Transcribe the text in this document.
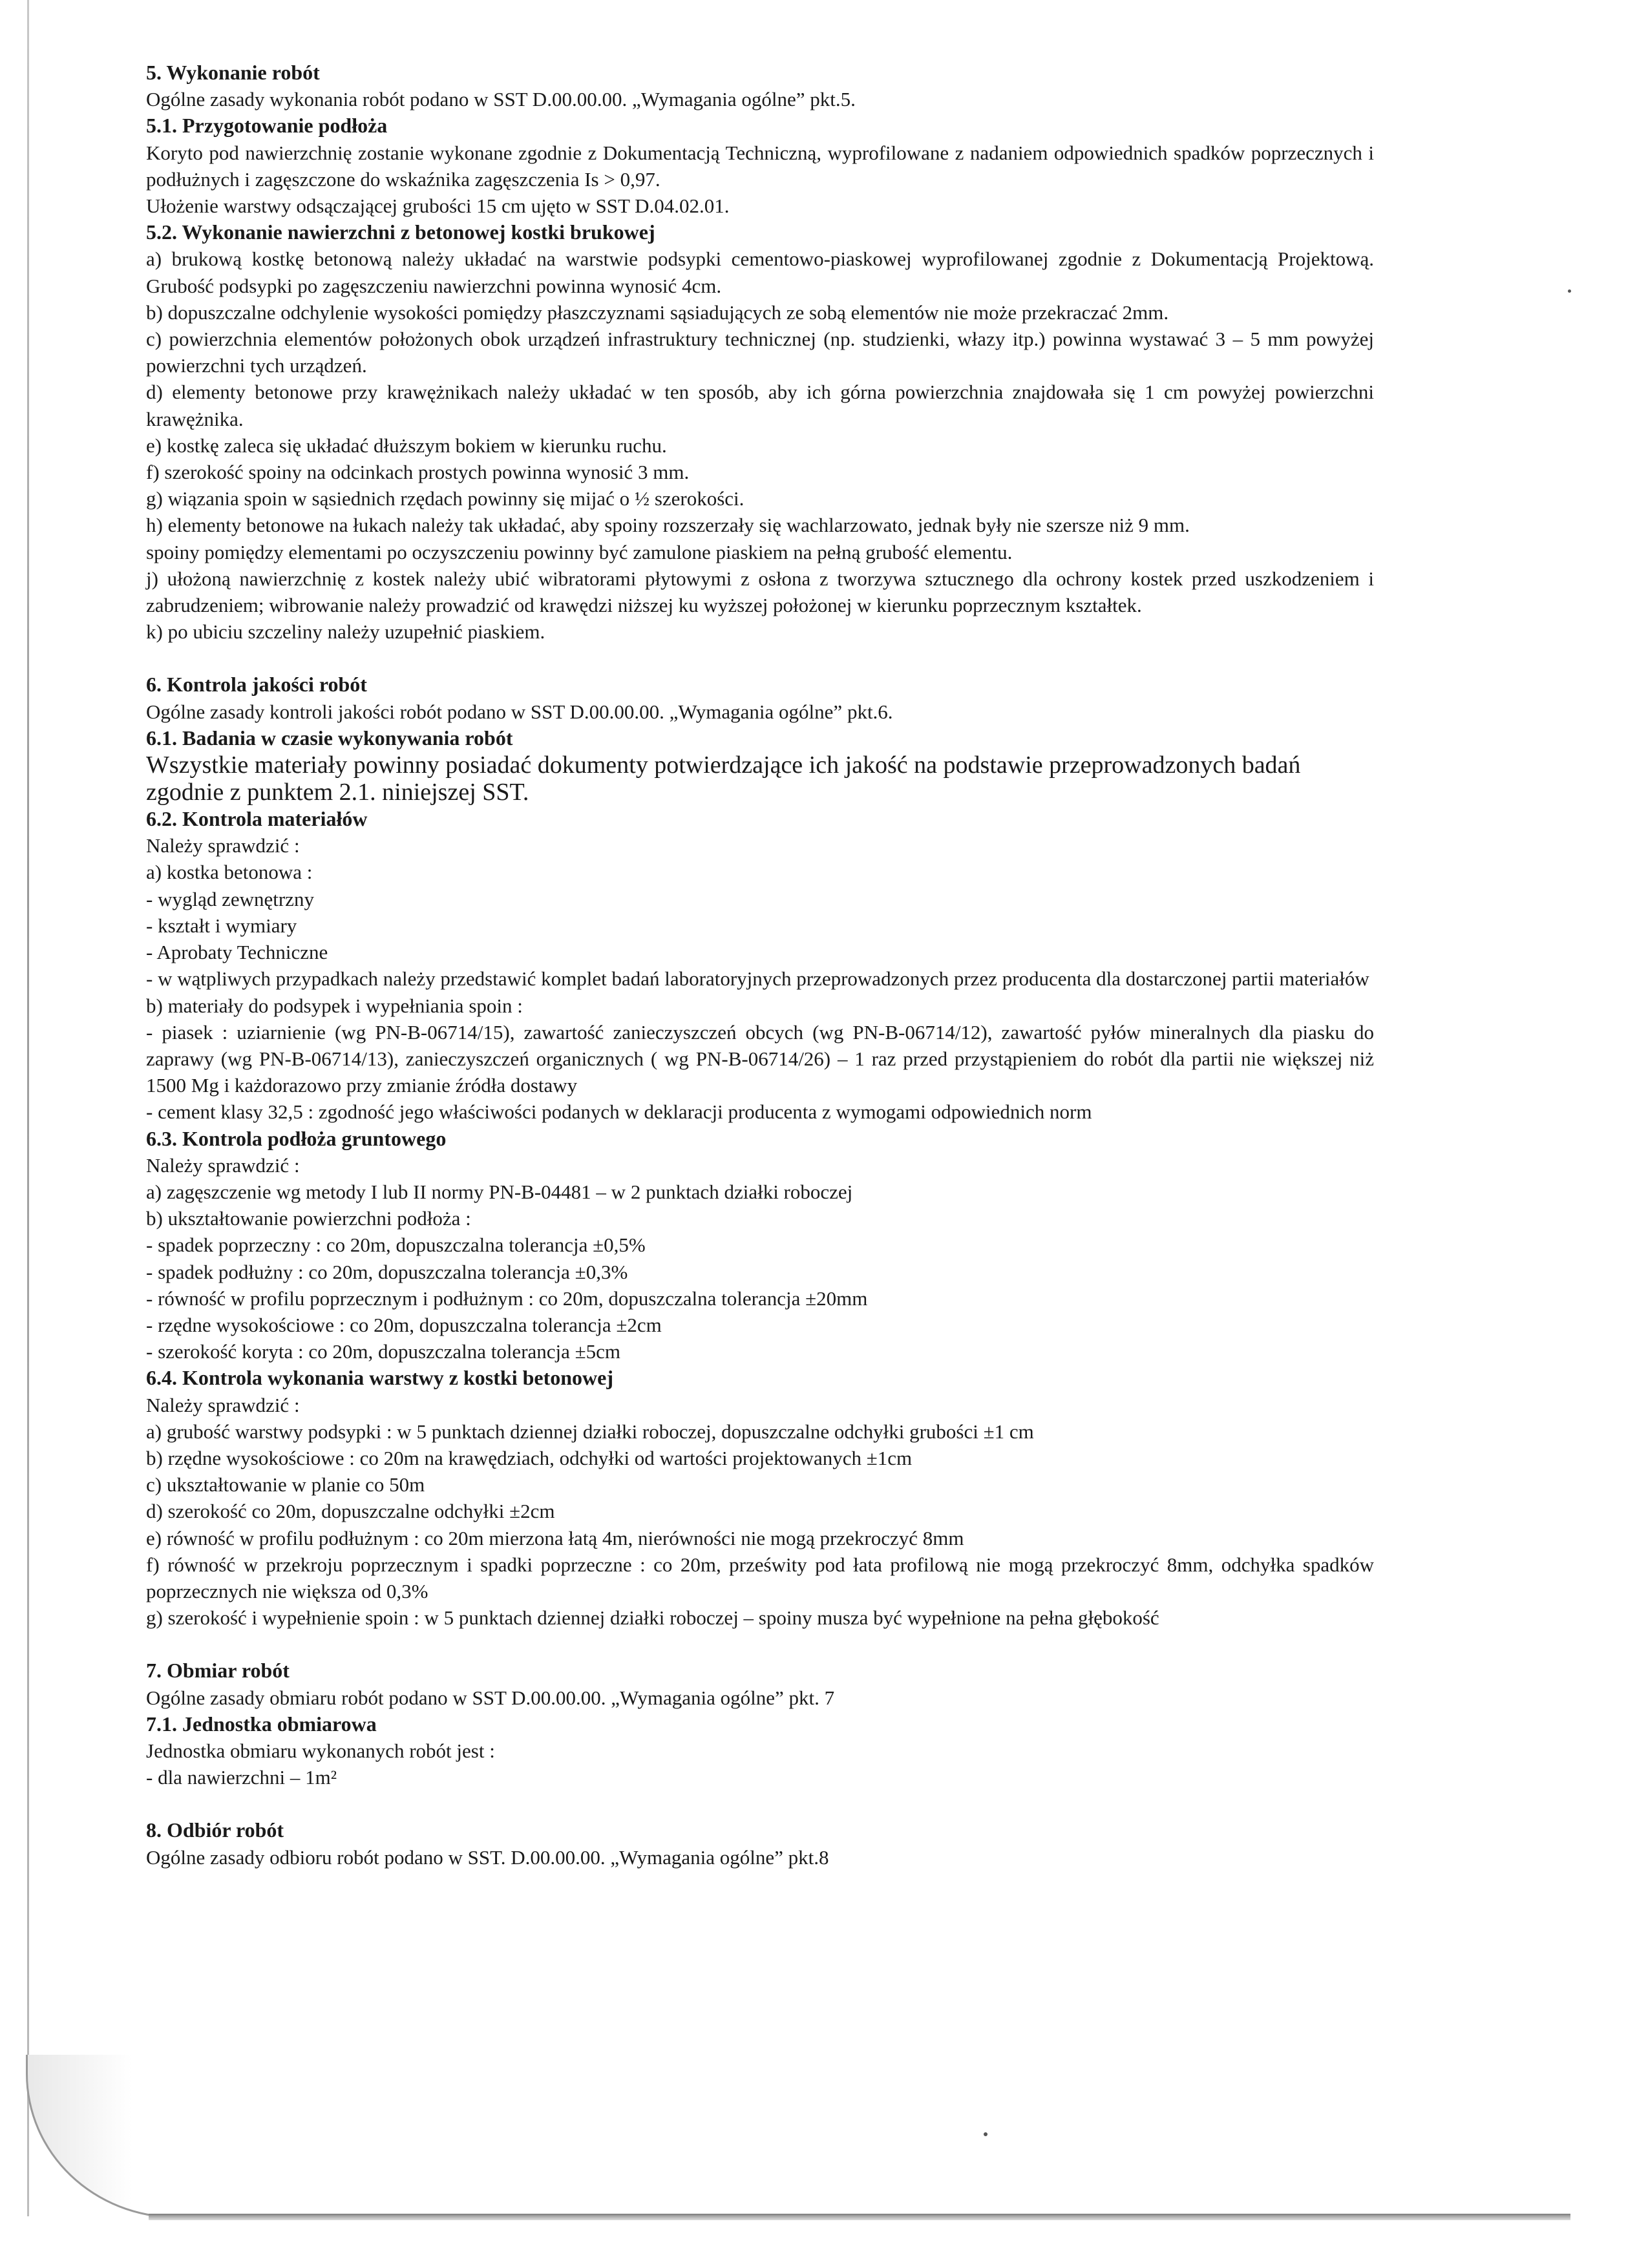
5. Wykonanie robót

Ogólne zasady wykonania robót podano w SST D.00.00.00. „Wymagania ogólne” pkt.5.

5.1. Przygotowanie podłoża

Koryto pod nawierzchnię zostanie wykonane zgodnie z Dokumentacją Techniczną, wyprofilowane z nadaniem odpowiednich spadków poprzecznych i podłużnych i zagęszczone do wskaźnika zagęszczenia Is > 0,97.

Ułożenie warstwy odsączającej grubości 15 cm ujęto w SST D.04.02.01.

5.2. Wykonanie nawierzchni z betonowej kostki brukowej

a) brukową kostkę betonową należy układać na warstwie podsypki cementowo-piaskowej wyprofilowanej zgodnie z Dokumentacją Projektową. Grubość podsypki po zagęszczeniu nawierzchni powinna wynosić 4cm.

b) dopuszczalne odchylenie wysokości pomiędzy płaszczyznami sąsiadujących ze sobą elementów nie może przekraczać 2mm.

c) powierzchnia elementów położonych obok urządzeń infrastruktury technicznej (np. studzienki, włazy itp.) powinna wystawać 3 – 5 mm powyżej powierzchni tych urządzeń.

d) elementy betonowe przy krawężnikach należy układać w ten sposób, aby ich górna powierzchnia znajdowała się 1 cm powyżej powierzchni krawężnika.

e) kostkę zaleca się układać dłuższym bokiem w kierunku ruchu.

f) szerokość spoiny na odcinkach prostych powinna wynosić 3 mm.

g) wiązania spoin w sąsiednich rzędach powinny się mijać o ½ szerokości.

h) elementy betonowe na łukach należy tak układać, aby spoiny rozszerzały się wachlarzowato, jednak były nie szersze niż 9 mm.

spoiny pomiędzy elementami po oczyszczeniu powinny być zamulone piaskiem na pełną grubość elementu.

j) ułożoną nawierzchnię z kostek należy ubić wibratorami płytowymi z osłona z tworzywa sztucznego dla ochrony kostek przed uszkodzeniem i zabrudzeniem; wibrowanie należy prowadzić od krawędzi niższej ku wyższej położonej w kierunku poprzecznym kształtek.

k) po ubiciu szczeliny należy uzupełnić piaskiem.

6. Kontrola jakości robót

Ogólne zasady kontroli jakości robót podano w SST D.00.00.00. „Wymagania ogólne” pkt.6.

6.1. Badania w czasie wykonywania robót

Wszystkie materiały powinny posiadać dokumenty potwierdzające ich jakość na podstawie przeprowadzonych badań zgodnie z punktem 2.1. niniejszej SST.

6.2. Kontrola materiałów

Należy sprawdzić :

a) kostka betonowa :

- wygląd zewnętrzny

- kształt i wymiary

- Aprobaty Techniczne

- w wątpliwych przypadkach należy przedstawić komplet badań laboratoryjnych przeprowadzonych przez producenta dla dostarczonej partii materiałów

b) materiały do podsypek i wypełniania spoin :

- piasek : uziarnienie (wg PN-B-06714/15), zawartość zanieczyszczeń obcych (wg PN-B-06714/12), zawartość pyłów mineralnych dla piasku do zaprawy (wg PN-B-06714/13), zanieczyszczeń organicznych ( wg PN-B-06714/26) – 1 raz przed przystąpieniem do robót dla partii nie większej niż 1500 Mg i każdorazowo przy zmianie źródła dostawy

- cement klasy 32,5 : zgodność jego właściwości podanych w deklaracji producenta z wymogami odpowiednich norm

6.3. Kontrola podłoża gruntowego

Należy sprawdzić :

a) zagęszczenie wg metody I lub II normy PN-B-04481 – w 2 punktach działki roboczej

b) ukształtowanie powierzchni podłoża :

- spadek poprzeczny : co 20m, dopuszczalna tolerancja ±0,5%

- spadek podłużny : co 20m, dopuszczalna tolerancja ±0,3%

- równość w profilu poprzecznym i podłużnym : co 20m, dopuszczalna tolerancja ±20mm

- rzędne wysokościowe : co 20m, dopuszczalna tolerancja ±2cm

- szerokość koryta : co 20m, dopuszczalna tolerancja ±5cm

6.4. Kontrola wykonania warstwy z kostki betonowej

Należy sprawdzić :

a) grubość warstwy podsypki : w 5 punktach dziennej działki roboczej, dopuszczalne odchyłki grubości ±1 cm

b) rzędne wysokościowe : co 20m na krawędziach, odchyłki od wartości projektowanych ±1cm

c) ukształtowanie w planie co 50m

d) szerokość co 20m, dopuszczalne odchyłki ±2cm

e) równość w profilu podłużnym : co 20m mierzona łatą 4m, nierówności nie mogą przekroczyć 8mm

f) równość w przekroju poprzecznym i spadki poprzeczne : co 20m, prześwity pod łata profilową nie mogą przekroczyć 8mm, odchyłka spadków poprzecznych nie większa od 0,3%

g) szerokość i wypełnienie spoin : w 5 punktach dziennej działki roboczej – spoiny musza być wypełnione na pełna głębokość

7. Obmiar robót

Ogólne zasady obmiaru robót podano w SST D.00.00.00. „Wymagania ogólne” pkt. 7

7.1. Jednostka obmiarowa

Jednostka obmiaru wykonanych robót jest :

- dla nawierzchni – 1m²

8. Odbiór robót

Ogólne zasady odbioru robót podano w SST. D.00.00.00. „Wymagania ogólne” pkt.8
